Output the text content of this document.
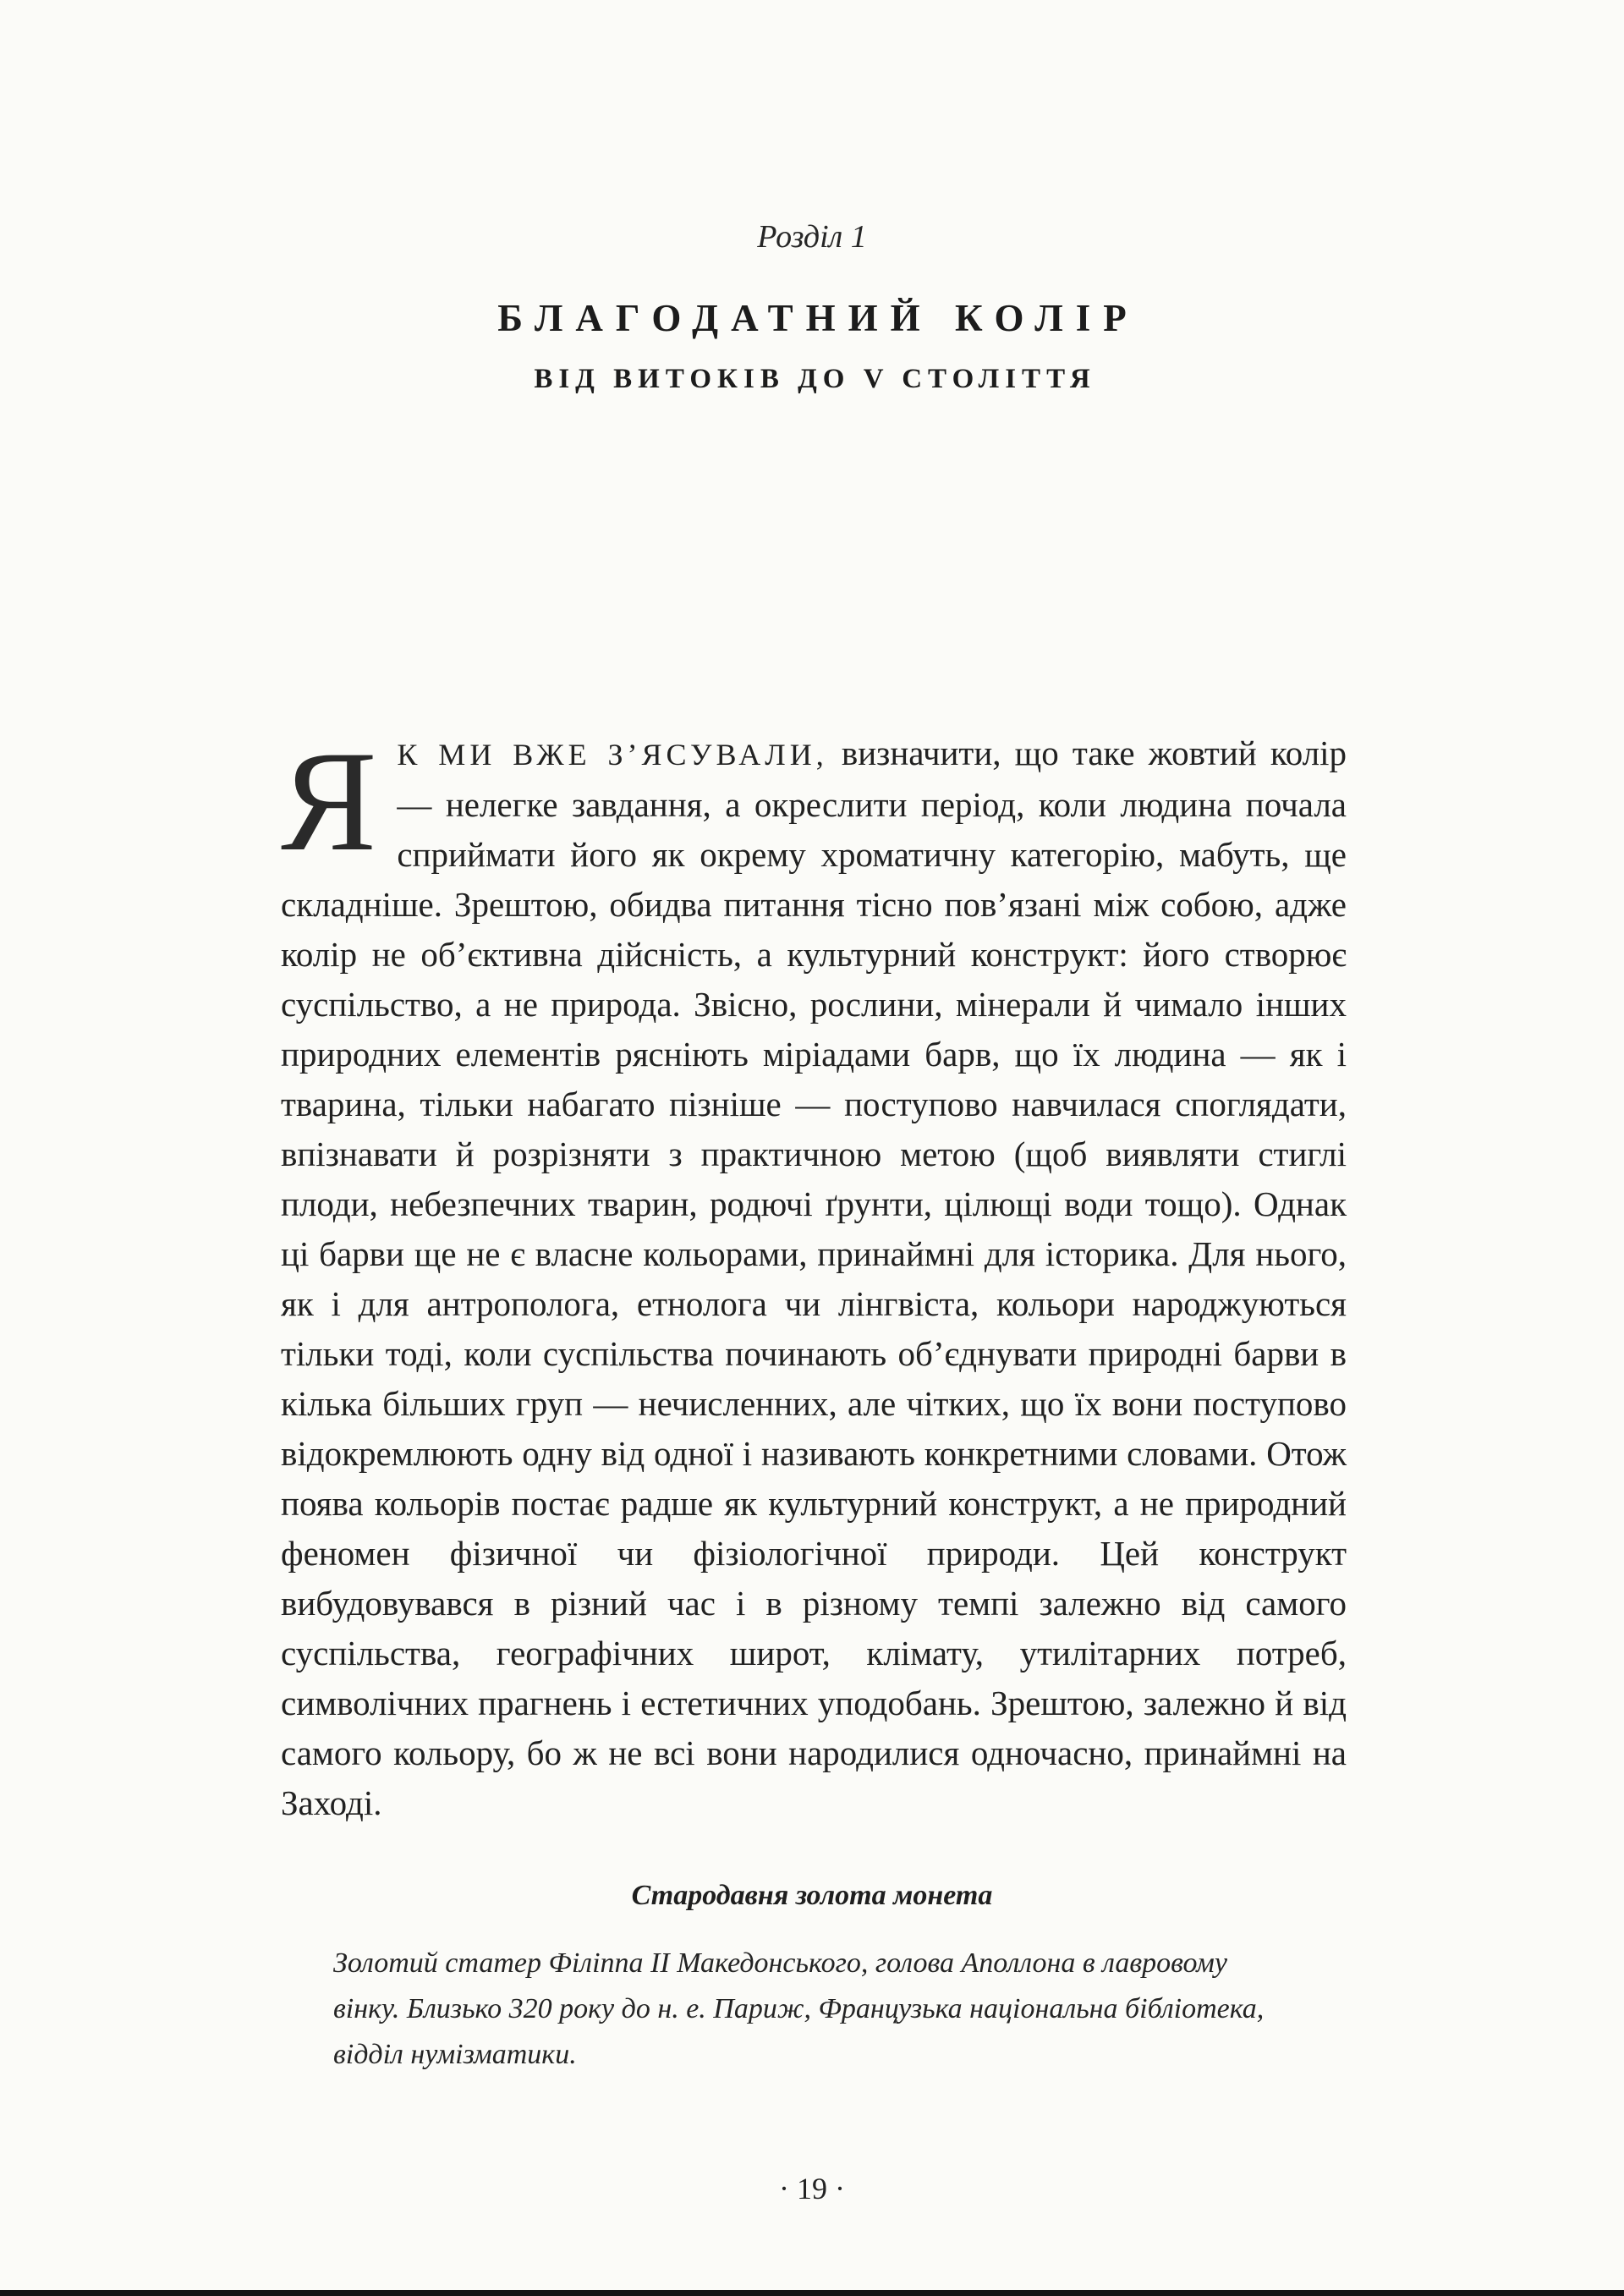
Розділ 1
БЛАГОДАТНИЙ КОЛІР
ВІД ВИТОКІВ ДО V СТОЛІТТЯ

Я К МИ ВЖЕ З’ЯСУВАЛИ, визначити, що таке жовтий колір — нелегке завдання, а окреслити період, коли людина почала сприймати його як окрему хроматичну категорію, мабуть, ще складніше. Зрештою, обидва питання тісно пов’язані між собою, адже колір не об’єктивна дійсність, а культурний конструкт: його створює суспільство, а не природа. Звісно, рослини, мінерали й чимало інших природних елементів рясніють міріадами барв, що їх людина — як і тварина, тільки набагато пізніше — поступово навчилася споглядати, впізнавати й розрізняти з практичною метою (щоб виявляти стиглі плоди, небезпечних тварин, родючі ґрунти, цілющі води тощо). Однак ці барви ще не є власне кольорами, принаймні для історика. Для нього, як і для антрополога, етнолога чи лінгвіста, кольори народжуються тільки тоді, коли суспільства починають об’єднувати природні барви в кілька більших груп — нечисленних, але чітких, що їх вони поступово відокремлюють одну від одної і називають конкретними словами. Отож поява кольорів постає радше як культурний конструкт, а не природний феномен фізичної чи фізіологічної природи. Цей конструкт вибудовувався в різний час і в різному темпі залежно від самого суспільства, географічних широт, клімату, утилітарних потреб, символічних прагнень і естетичних уподобань. Зрештою, залежно й від самого кольору, бо ж не всі вони народилися одночасно, принаймні на Заході.

Стародавня золота монета
Золотий статер Філіппа II Македонського, голова Аполлона в лавровому вінку. Близько 320 року до н. е. Париж, Французька національна бібліотека, відділ нумізматики.
· 19 ·
